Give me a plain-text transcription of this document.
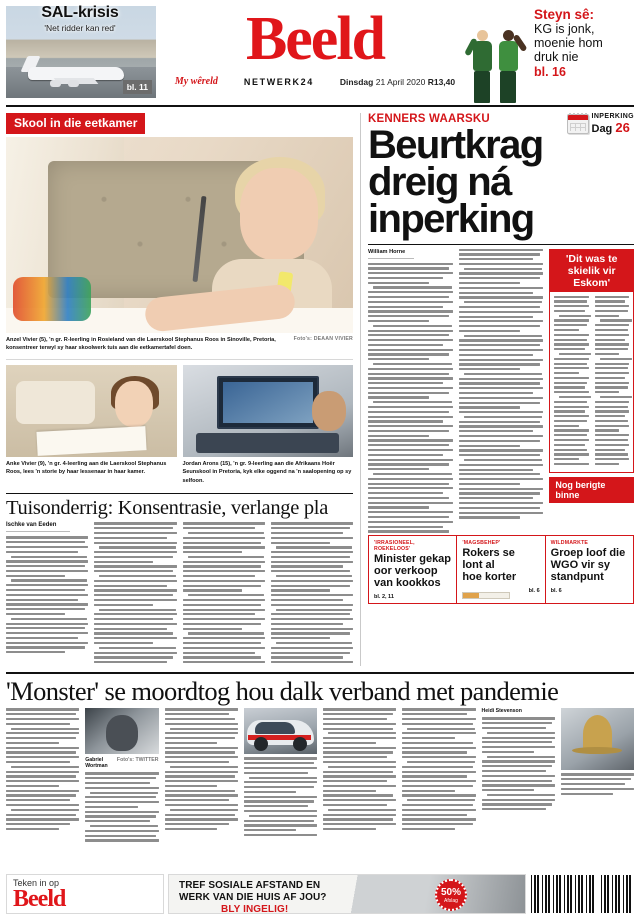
bl. 11
SAL-krisis
'Net ridder kan red'	Beeld
My wêreld	NETWERK24	Dinsdag 21 April 2020 R13,40
Steyn sê:
KG is jonk,
moenie hom
druk nie
bl. 16
Skool in die eetkamer
Foto's: DEAAN VIVIER
Anzel Vivier (5), 'n gr. R-leerling in Rosieland van die Laerskool Stephanus Roos in Sinoville, Pretoria, konsentreer terwyl sy haar skoolwerk tuis aan die eetkamertafel doen.
Anke Vivier (9), 'n gr. 4-leerling aan die Laerskool Stephanus Roos, lees 'n storie by haar lessenaar in haar kamer.
Jordan Arons (15), 'n gr. 9-leerling aan die Afrikaans Hoër Seunskool in Pretoria, kyk elke oggend na 'n saalopening op sy selfoon.
Tuisonderrig: Konsentrasie, verlange pla
Ischke van Eeden
INPERKING
Dag 26
KENNERS WAARSKU
Beurtkrag
dreig ná
inperking
William Horne
'Dit was te skielik vir Eskom'
Nog berigte binne
'IRRASIONEEL, ROEKELOOS'
Minister gekap
oor verkoop
van kookkos
bl. 2, 11
'MAGSBEHEP'
Rokers se
lont al
hoe korter
bl. 6
WILDMARKTE
Groep loof die
WGO vir sy
standpunt
bl. 6
'Monster' se moordtog hou dalk verband met pandemie
Foto's: TWITTER
Gabriel Wortman
Heidi Stevenson
Teken in op
Beeld
TREF SOSIALE AFSTAND EN
WERK VAN DIE HUIS AF JOU?
BLY INGELIG!
50%
Afslag
